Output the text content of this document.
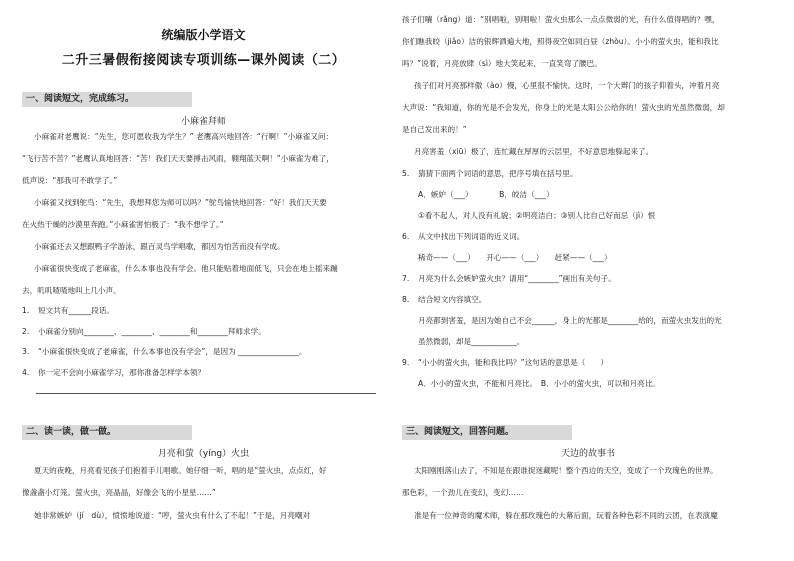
统编版小学语文
二升三暑假衔接阅读专项训练—课外阅读（二）
一、阅读短文，完成练习。
小麻雀拜师
小麻雀对老鹰说：“先生，您可愿收我为学生？” 老鹰高兴地回答：“行啊！”小麻雀又问：
“飞行苦不苦？”老鹰认真地回答：“苦！我们天天要搏击风雨，翱翔蓝天啊！”小麻雀为难了，
低声说：“那我可不敢学了。”
小麻雀又找到鸵鸟：“先生，我想拜您为师可以吗？”鸵鸟愉快地回答：“好！我们天天要
在火热干燥的沙漠里奔跑。”小麻雀害怕极了：“我不想学了。”
小麻雀还去又想跟鸭子学游泳，跟百灵鸟学唱歌，都因为怕苦而没有学成。
小麻雀很快变成了老麻雀，什么本事也没有学会。他只能贴着地面低飞，只会在地上摇来蹦
去，叽叽喳喳地叫上几小声。
1. 短文共有______段话。
2. 小麻雀分别向________、________、________和________拜师求学。
3. “小麻雀很快变成了老麻雀，什么本事也没有学会”，是因为 ________________。
4. 你一定不会向小麻雀学习，那你准备怎样学本领？
二、读一读，做一做。
月亮和萤（yíng）火虫
夏天的夜晚，月亮看见孩子们抱着手儿唱歌。她仔细一听，唱的是“萤火虫，点点红，好
像盏盏小灯笼。萤火虫，亮晶晶，好像会飞的小星星……”
她非常嫉妒（jí　dù），愤愤地说道：“哼，萤火虫有什么了不起！”于是，月亮嘲对
孩子们嚷（rǎng）道：“别唱啦，别唱啦！萤火虫那么一点点微弱的光，有什么值得唱的？嘿，
你们瞧我皎（jiǎo）洁的银辉洒遍大地，照得夜空如同白昼（zhòu）。小小的萤火虫，能和我比
吗？”说着，月亮放肆（sì）地大笑起来，一直笑弯了腰巴。
孩子们对月亮那样傲（ào）慢，心里很不愉快。这时，一个大辫门的孩子仰着头，冲着月亮
大声说：“我知道，你的光是不会发光，你身上的光是太阳公公给你的！萤火虫的光虽然微弱，却
是自己发出来的！”
月亮害羞（xiū）极了，连忙藏在厚厚的云层里，不好意思地躲起来了。
5. 猜猜下面两个词语的意思，把序号填在括号里。
A．嫉妒（___）　　　　B．皎洁（___）
①看不起人，对人没有礼貌；②明亮洁白；③别人比自己好而忌（jì）恨
6. 从文中找出下列词语的近义词。
稀奇——（___）　　开心——（___）　　赶紧——（___）
7. 月亮为什么会嫉妒萤火虫？请用“________”画出有关句子。
8. 结合短文内容填空。
月亮都到害羞，是因为她自己不会______，身上的光都是________给的，而萤火虫发出的光
虽然微弱，却是____________。
9. “小小的萤火虫，能和我比吗？”这句话的意思是（　　）
A．小小的萤火虫，不能和月亮比。　B．小小的萤火虫，可以和月亮比。
三、阅读短文，回答问题。
天边的故事书
太阳刚刚落山去了，不知是在跟谁捉迷藏呢！整个西边的天空，变成了一个玫瑰色的世界。
那色彩，一个劲儿在变幻，变幻……
准是有一位神奇的魔术师，躲在那玫瑰色的大幕后面，玩着各种色彩不同的云团，在表演魔
